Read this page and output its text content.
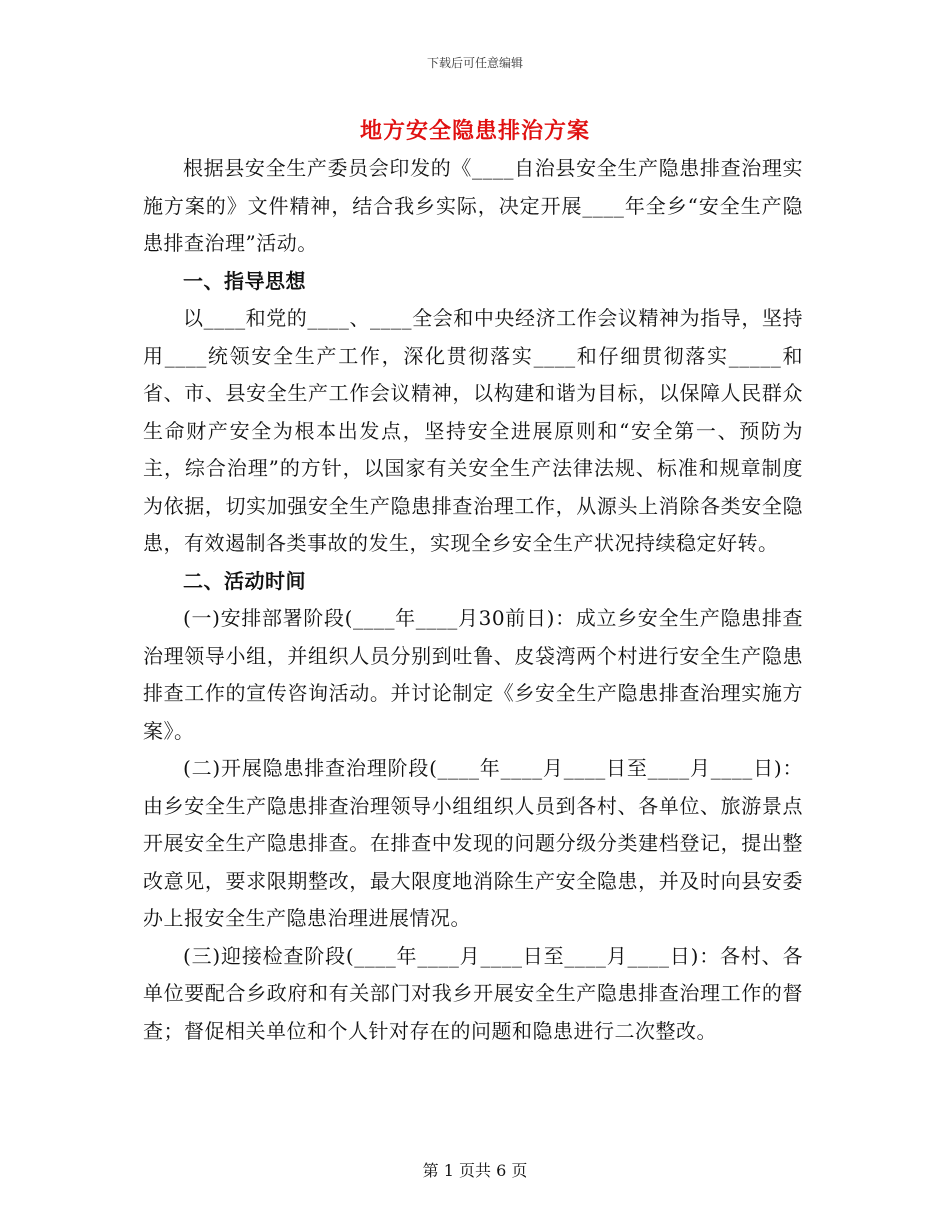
下载后可任意编辑
地方安全隐患排治方案

根据县安全生产委员会印发的《____自治县安全生产隐患排查治理实施方案的》文件精神，结合我乡实际，决定开展____年全乡“安全生产隐患排查治理”活动。

一、指导思想

以____和党的____、____全会和中央经济工作会议精神为指导，坚持用____统领安全生产工作，深化贯彻落实____和仔细贯彻落实_____和省、市、县安全生产工作会议精神，以构建和谐为目标，以保障人民群众生命财产安全为根本出发点，坚持安全进展原则和“安全第一、预防为主，综合治理”的方针，以国家有关安全生产法律法规、标准和规章制度为依据，切实加强安全生产隐患排查治理工作，从源头上消除各类安全隐患，有效遏制各类事故的发生，实现全乡安全生产状况持续稳定好转。

二、活动时间

(一)安排部署阶段(____年____月30前日)：成立乡安全生产隐患排查治理领导小组，并组织人员分别到吐鲁、皮袋湾两个村进行安全生产隐患排查工作的宣传咨询活动。并讨论制定《乡安全生产隐患排查治理实施方案》。

(二)开展隐患排查治理阶段(____年____月____日至____月____日)：由乡安全生产隐患排查治理领导小组组织人员到各村、各单位、旅游景点开展安全生产隐患排查。在排查中发现的问题分级分类建档登记，提出整改意见，要求限期整改，最大限度地消除生产安全隐患，并及时向县安委办上报安全生产隐患治理进展情况。

(三)迎接检查阶段(____年____月____日至____月____日)：各村、各单位要配合乡政府和有关部门对我乡开展安全生产隐患排查治理工作的督查；督促相关单位和个人针对存在的问题和隐患进行二次整改。

第 1 页共 6 页
